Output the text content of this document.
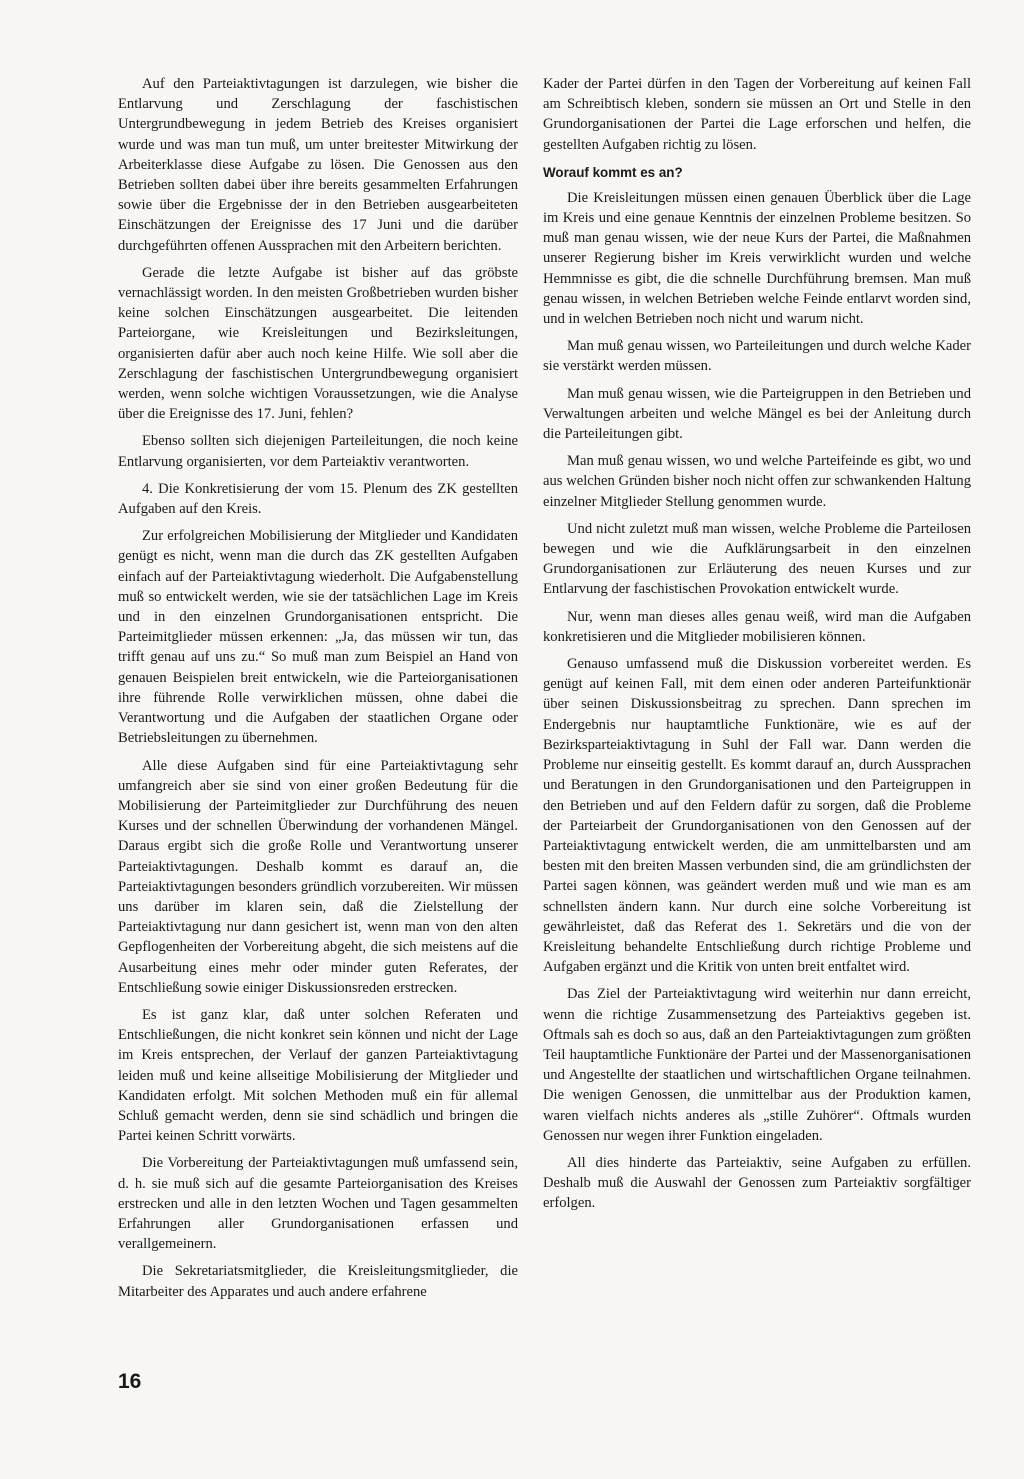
Auf den Parteiaktivtagungen ist darzulegen, wie bisher die Entlarvung und Zerschlagung der faschistischen Untergrundbewegung in jedem Betrieb des Kreises organisiert wurde und was man tun muß, um unter breitester Mitwirkung der Arbeiterklasse diese Aufgabe zu lösen. Die Genossen aus den Betrieben sollten dabei über ihre bereits gesammelten Erfahrungen sowie über die Ergebnisse der in den Betrieben ausgearbeiteten Einschätzungen der Ereignisse des 17 Juni und die darüber durchgeführten offenen Aussprachen mit den Arbeitern berichten.

Gerade die letzte Aufgabe ist bisher auf das gröbste vernachlässigt worden. In den meisten Großbetrieben wurden bisher keine solchen Einschätzungen ausgearbeitet. Die leitenden Parteiorgane, wie Kreisleitungen und Bezirksleitungen, organisierten dafür aber auch noch keine Hilfe. Wie soll aber die Zerschlagung der faschistischen Untergrundbewegung organisiert werden, wenn solche wichtigen Voraussetzungen, wie die Analyse über die Ereignisse des 17. Juni, fehlen?

Ebenso sollten sich diejenigen Parteileitungen, die noch keine Entlarvung organisierten, vor dem Parteiaktiv verantworten.

4. Die Konkretisierung der vom 15. Plenum des ZK gestellten Aufgaben auf den Kreis.

Zur erfolgreichen Mobilisierung der Mitglieder und Kandidaten genügt es nicht, wenn man die durch das ZK gestellten Aufgaben einfach auf der Parteiaktivtagung wiederholt. Die Aufgabenstellung muß so entwickelt werden, wie sie der tatsächlichen Lage im Kreis und in den einzelnen Grundorganisationen entspricht. Die Parteimitglieder müssen erkennen: „Ja, das müssen wir tun, das trifft genau auf uns zu.“ So muß man zum Beispiel an Hand von genauen Beispielen breit entwickeln, wie die Parteiorganisationen ihre führende Rolle verwirklichen müssen, ohne dabei die Verantwortung und die Aufgaben der staatlichen Organe oder Betriebsleitungen zu übernehmen.

Alle diese Aufgaben sind für eine Parteiaktivtagung sehr umfangreich aber sie sind von einer großen Bedeutung für die Mobilisierung der Parteimitglieder zur Durchführung des neuen Kurses und der schnellen Überwindung der vorhandenen Mängel. Daraus ergibt sich die große Rolle und Verantwortung unserer Parteiaktivtagungen. Deshalb kommt es darauf an, die Parteiaktivtagungen besonders gründlich vorzubereiten. Wir müssen uns darüber im klaren sein, daß die Zielstellung der Parteiaktivtagung nur dann gesichert ist, wenn man von den alten Gepflogenheiten der Vorbereitung abgeht, die sich meistens auf die Ausarbeitung eines mehr oder minder guten Referates, der Entschließung sowie einiger Diskussionsreden erstrecken.

Es ist ganz klar, daß unter solchen Referaten und Entschließungen, die nicht konkret sein können und nicht der Lage im Kreis entsprechen, der Verlauf der ganzen Parteiaktivtagung leiden muß und keine allseitige Mobilisierung der Mitglieder und Kandidaten erfolgt. Mit solchen Methoden muß ein für allemal Schluß gemacht werden, denn sie sind schädlich und bringen die Partei keinen Schritt vorwärts.

Die Vorbereitung der Parteiaktivtagungen muß umfassend sein, d. h. sie muß sich auf die gesamte Parteiorganisation des Kreises erstrecken und alle in den letzten Wochen und Tagen gesammelten Erfahrungen aller Grundorganisationen erfassen und verallgemeinern.

Die Sekretariatsmitglieder, die Kreisleitungsmitglieder, die Mitarbeiter des Apparates und auch andere erfahrene

Kader der Partei dürfen in den Tagen der Vorbereitung auf keinen Fall am Schreibtisch kleben, sondern sie müssen an Ort und Stelle in den Grundorganisationen der Partei die Lage erforschen und helfen, die gestellten Aufgaben richtig zu lösen.

Worauf kommt es an?

Die Kreisleitungen müssen einen genauen Überblick über die Lage im Kreis und eine genaue Kenntnis der einzelnen Probleme besitzen. So muß man genau wissen, wie der neue Kurs der Partei, die Maßnahmen unserer Regierung bisher im Kreis verwirklicht wurden und welche Hemmnisse es gibt, die die schnelle Durchführung bremsen. Man muß genau wissen, in welchen Betrieben welche Feinde entlarvt worden sind, und in welchen Betrieben noch nicht und warum nicht.

Man muß genau wissen, wo Parteileitungen und durch welche Kader sie verstärkt werden müssen.

Man muß genau wissen, wie die Parteigruppen in den Betrieben und Verwaltungen arbeiten und welche Mängel es bei der Anleitung durch die Parteileitungen gibt.

Man muß genau wissen, wo und welche Parteifeinde es gibt, wo und aus welchen Gründen bisher noch nicht offen zur schwankenden Haltung einzelner Mitglieder Stellung genommen wurde.

Und nicht zuletzt muß man wissen, welche Probleme die Parteilosen bewegen und wie die Aufklärungsarbeit in den einzelnen Grundorganisationen zur Erläuterung des neuen Kurses und zur Entlarvung der faschistischen Provokation entwickelt wurde.

Nur, wenn man dieses alles genau weiß, wird man die Aufgaben konkretisieren und die Mitglieder mobilisieren können.

Genauso umfassend muß die Diskussion vorbereitet werden. Es genügt auf keinen Fall, mit dem einen oder anderen Parteifunktionär über seinen Diskussionsbeitrag zu sprechen. Dann sprechen im Endergebnis nur hauptamtliche Funktionäre, wie es auf der Bezirksparteiaktivtagung in Suhl der Fall war. Dann werden die Probleme nur einseitig gestellt. Es kommt darauf an, durch Aussprachen und Beratungen in den Grundorganisationen und den Parteigruppen in den Betrieben und auf den Feldern dafür zu sorgen, daß die Probleme der Parteiarbeit der Grundorganisationen von den Genossen auf der Parteiaktivtagung entwickelt werden, die am unmittelbarsten und am besten mit den breiten Massen verbunden sind, die am gründlichsten der Partei sagen können, was geändert werden muß und wie man es am schnellsten ändern kann. Nur durch eine solche Vorbereitung ist gewährleistet, daß das Referat des 1. Sekretärs und die von der Kreisleitung behandelte Entschließung durch richtige Probleme und Aufgaben ergänzt und die Kritik von unten breit entfaltet wird.

Das Ziel der Parteiaktivtagung wird weiterhin nur dann erreicht, wenn die richtige Zusammensetzung des Parteiaktivs gegeben ist. Oftmals sah es doch so aus, daß an den Parteiaktivtagungen zum größten Teil hauptamtliche Funktionäre der Partei und der Massenorganisationen und Angestellte der staatlichen und wirtschaftlichen Organe teilnahmen. Die wenigen Genossen, die unmittelbar aus der Produktion kamen, waren vielfach nichts anderes als „stille Zuhörer“. Oftmals wurden Genossen nur wegen ihrer Funktion eingeladen.

All dies hinderte das Parteiaktiv, seine Aufgaben zu erfüllen. Deshalb muß die Auswahl der Genossen zum Parteiaktiv sorgfältiger erfolgen.

16
